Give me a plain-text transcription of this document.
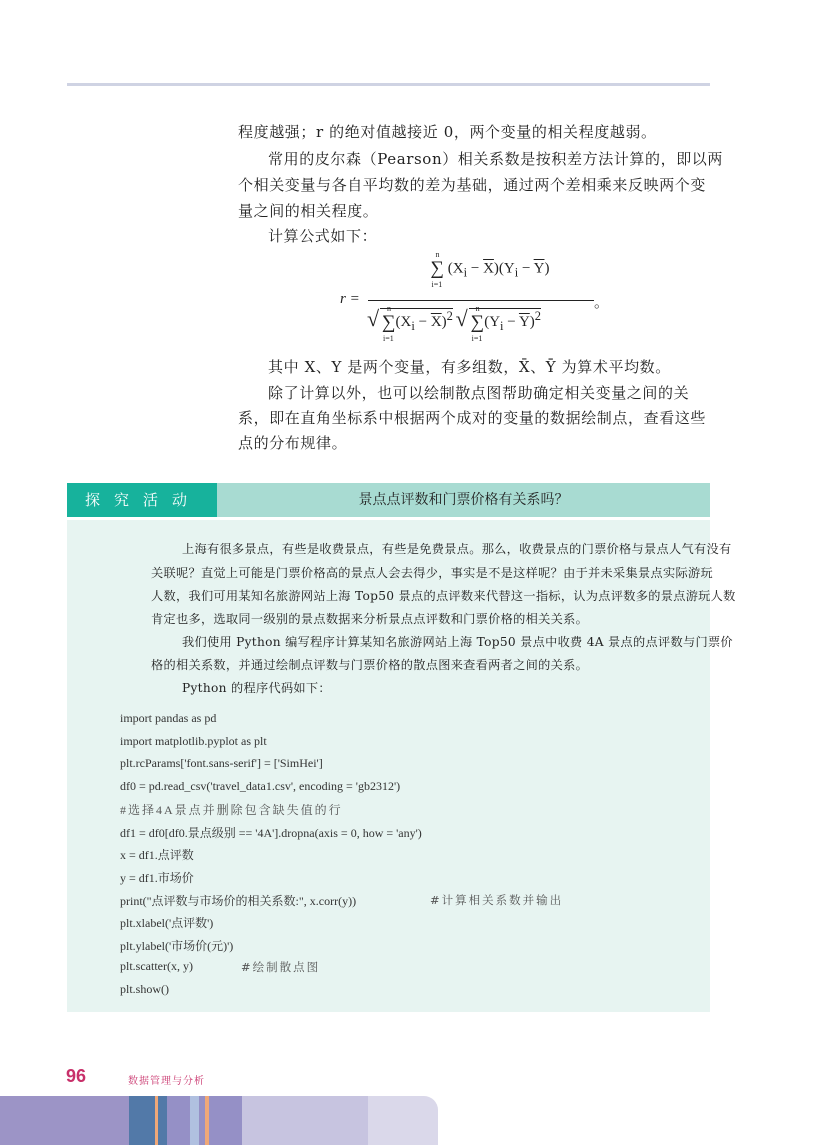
程度越强；r 的绝对值越接近 0，两个变量的相关程度越弱。
常用的皮尔森（Pearson）相关系数是按积差方法计算的，即以两
个相关变量与各自平均数的差为基础，通过两个差相乘来反映两个变
量之间的相关程度。
计算公式如下：
r =
∑
n
i=1
$(X_i - \overline{X})(Y_i - \overline{Y})$
√ ∑
n
i=1
$(X_i - \overline{X})^2$ √ ∑
n
i=1
$(Y_i - \overline{Y})^2$
。
其中 X、Y 是两个变量，有多组数，X̄、Ȳ 为算术平均数。
除了计算以外，也可以绘制散点图帮助确定相关变量之间的关
系，即在直角坐标系中根据两个成对的变量的数据绘制点，查看这些
点的分布规律。
探究活动	景点点评数和门票价格有关系吗？
上海有很多景点，有些是收费景点，有些是免费景点。那么，收费景点的门票价格与景点人气有没有
关联呢？直觉上可能是门票价格高的景点人会去得少，事实是不是这样呢？由于并未采集景点实际游玩
人数，我们可用某知名旅游网站上海 Top50 景点的点评数来代替这一指标，认为点评数多的景点游玩人数
肯定也多，选取同一级别的景点数据来分析景点点评数和门票价格的相关关系。
我们使用 Python 编写程序计算某知名旅游网站上海 Top50 景点中收费 4A 景点的点评数与门票价
格的相关系数，并通过绘制点评数与门票价格的散点图来查看两者之间的关系。
Python 的程序代码如下：
import pandas as pd
import matplotlib.pyplot as plt
plt.rcParams['font.sans-serif'] = ['SimHei']
df0 = pd.read_csv('travel_data1.csv', encoding = 'gb2312')
#选择4A景点并删除包含缺失值的行
df1 = df0[df0.景点级别 == '4A'].dropna(axis = 0, how = 'any')
x = df1.点评数
y = df1.市场价
print("点评数与市场价的相关系数:", x.corr(y))	#计算相关系数并输出
plt.xlabel('点评数')
plt.ylabel('市场价(元)')
plt.scatter(x, y)	#绘制散点图
plt.show()
96	数据管理与分析
